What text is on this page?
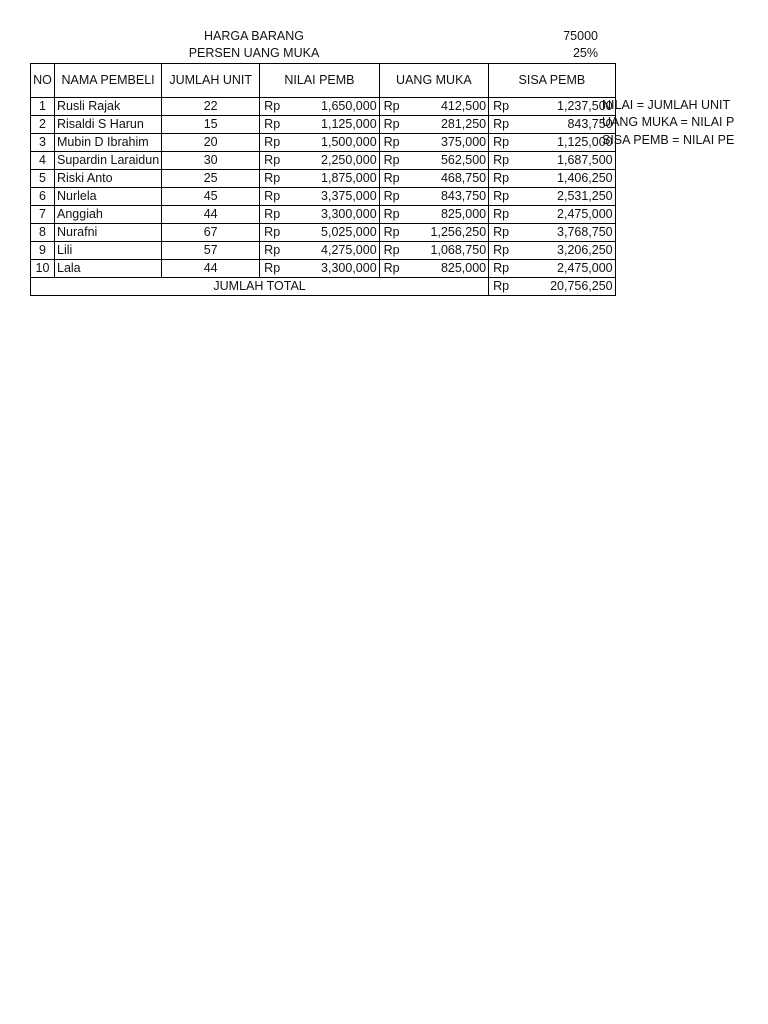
HARGA BARANG	75000
PERSEN UANG MUKA	25%
NO	NAMA PEMBELI	JUMLAH UNIT	NILAI PEMB		UANG MUKA		SISA PEMB	
1	Rusli Rajak	22	Rp	1,650,000	Rp	412,500	Rp	1,237,500
2	Risaldi S Harun	15	Rp	1,125,000	Rp	281,250	Rp	843,750
3	Mubin D Ibrahim	20	Rp	1,500,000	Rp	375,000	Rp	1,125,000
4	Supardin Laraidun	30	Rp	2,250,000	Rp	562,500	Rp	1,687,500
5	Riski Anto	25	Rp	1,875,000	Rp	468,750	Rp	1,406,250
6	Nurlela	45	Rp	3,375,000	Rp	843,750	Rp	2,531,250
7	Anggiah	44	Rp	3,300,000	Rp	825,000	Rp	2,475,000
8	Nurafni	67	Rp	5,025,000	Rp	1,256,250	Rp	3,768,750
9	Lili	57	Rp	4,275,000	Rp	1,068,750	Rp	3,206,250
10	Lala	44	Rp	3,300,000	Rp	825,000	Rp	2,475,000
JUMLAH TOTAL							Rp	20,756,250
NILAI = JUMLAH UNIT
UANG MUKA = NILAI P
SISA PEMB = NILAI PE
